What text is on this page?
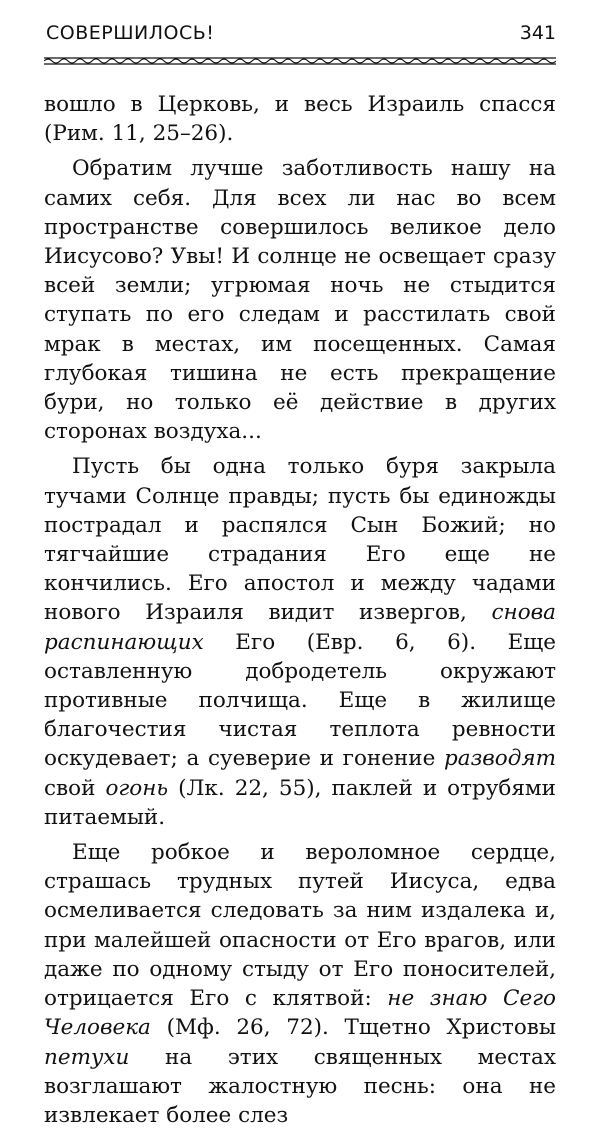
СОВЕРШИЛОСЬ!	341

вошло в Церковь, и весь Израиль спасся (Рим. 11, 25–26).

Обратим лучше заботливость нашу на самих себя. Для всех ли нас во всем пространстве совершилось великое дело Иисусово? Увы! И солнце не освещает сразу всей земли; угрюмая ночь не стыдится ступать по его следам и расстилать свой мрак в местах, им посещенных. Самая глубокая тишина не есть прекращение бури, но только её действие в других сторонах воздуха...

Пусть бы одна только буря закрыла тучами Солнце правды; пусть бы единожды пострадал и распялся Сын Божий; но тягчайшие страдания Его еще не кончились. Его апостол и между чадами нового Израиля видит извергов, снова распинающих Его (Евр. 6, 6). Еще оставленную добродетель окружают противные полчища. Еще в жилище благочестия чистая теплота ревности оскудевает; а суеверие и гонение разводят свой огонь (Лк. 22, 55), паклей и отрубями питаемый.

Еще робкое и вероломное сердце, страшась трудных путей Иисуса, едва осмеливается следовать за ним издалека и, при малейшей опасности от Его врагов, или даже по одному стыду от Его поносителей, отрицается Его с клятвой: не знаю Сего Человека (Мф. 26, 72). Тщетно Христовы петухи на этих священных местах возглашают жалостную песнь: она не извлекает более слез
